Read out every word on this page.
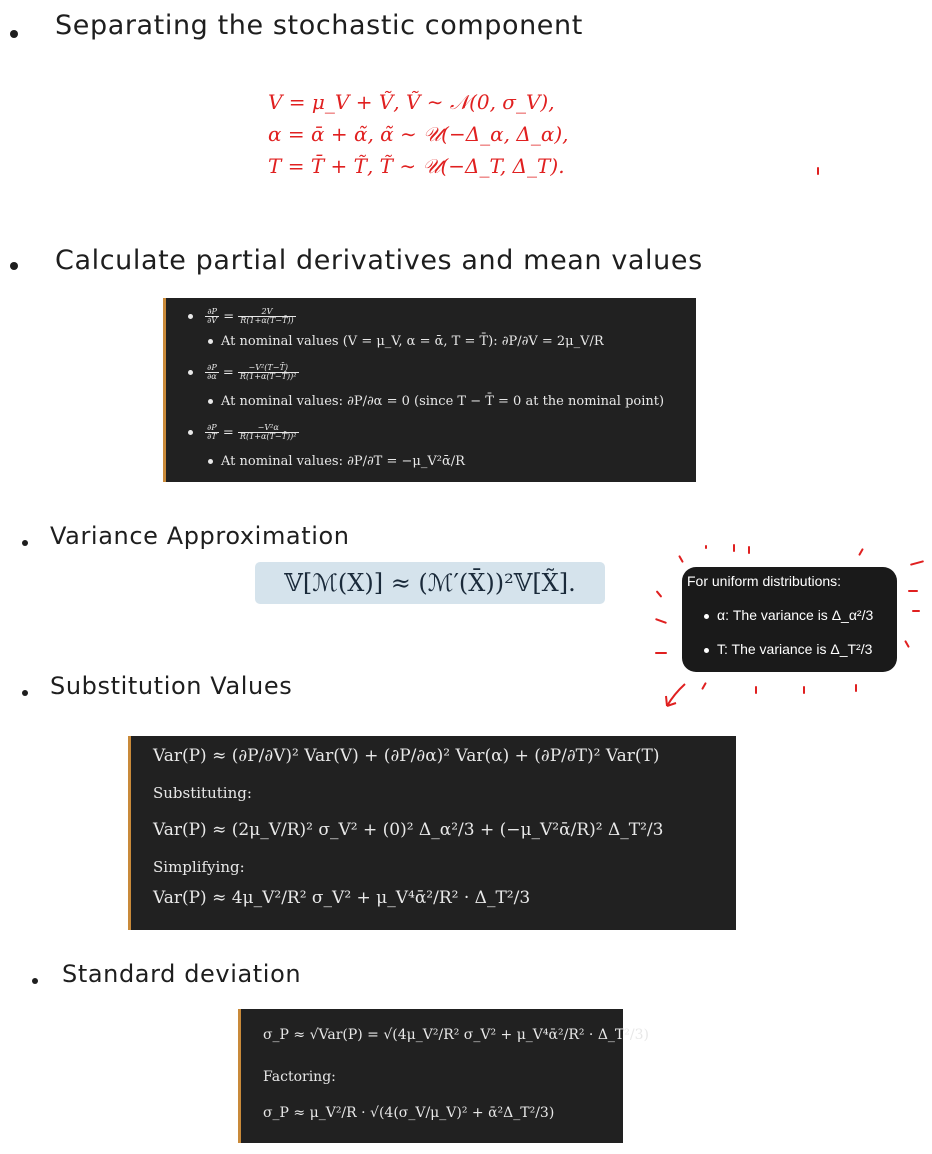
Separating the stochastic component
V = μ_V + Ṽ, Ṽ ∼ 𝒩(0, σ_V),
α = ᾱ + α̃, α̃ ∼ 𝒰(−Δ_α, Δ_α),
T = T̄ + T̃, T̃ ∼ 𝒰(−Δ_T, Δ_T).
Calculate partial derivatives and mean values

$\frac{\partial P}{\partial V} = \frac{2V}{R(1+\alpha(T-T̄))}$
At nominal values (V = μ_V, α = ᾱ, T = T̄): ∂P/∂V = 2μ_V/R

$\frac{\partial P}{\partial\alpha} = \frac{\text{−V²(T−T̄)}}{\text{R(1+α(T−T̄))²}}$
At nominal values: ∂P/∂α = 0 (since T − T̄ = 0 at the nominal point)

$\frac{\partial P}{\partial T} = \frac{\text{−V²α}}{\text{R(1+α(T−T̄))²}}$
At nominal values: ∂P/∂T = −μ_V²ᾱ/R
Variance Approximation
𝕍[ℳ(X)] ≈ (ℳ′(X̄))²𝕍[X̃].	For uniform distributions:
α: The variance is Δ_α²/3
T: The variance is Δ_T²/3
Substitution Values
Var(P) ≈ (∂P/∂V)² Var(V) + (∂P/∂α)² Var(α) + (∂P/∂T)² Var(T)
Substituting:
Var(P) ≈ (2μ_V/R)² σ_V² + (0)² Δ_α²/3 + (−μ_V²ᾱ/R)² Δ_T²/3
Simplifying:
Var(P) ≈ 4μ_V²/R² σ_V² + μ_V⁴ᾱ²/R² · Δ_T²/3
Standard deviation
σ_P ≈ √Var(P) = √(4μ_V²/R² σ_V² + μ_V⁴ᾱ²/R² · Δ_T²/3)
Factoring:
σ_P ≈ μ_V²/R · √(4(σ_V/μ_V)² + ᾱ²Δ_T²/3)
